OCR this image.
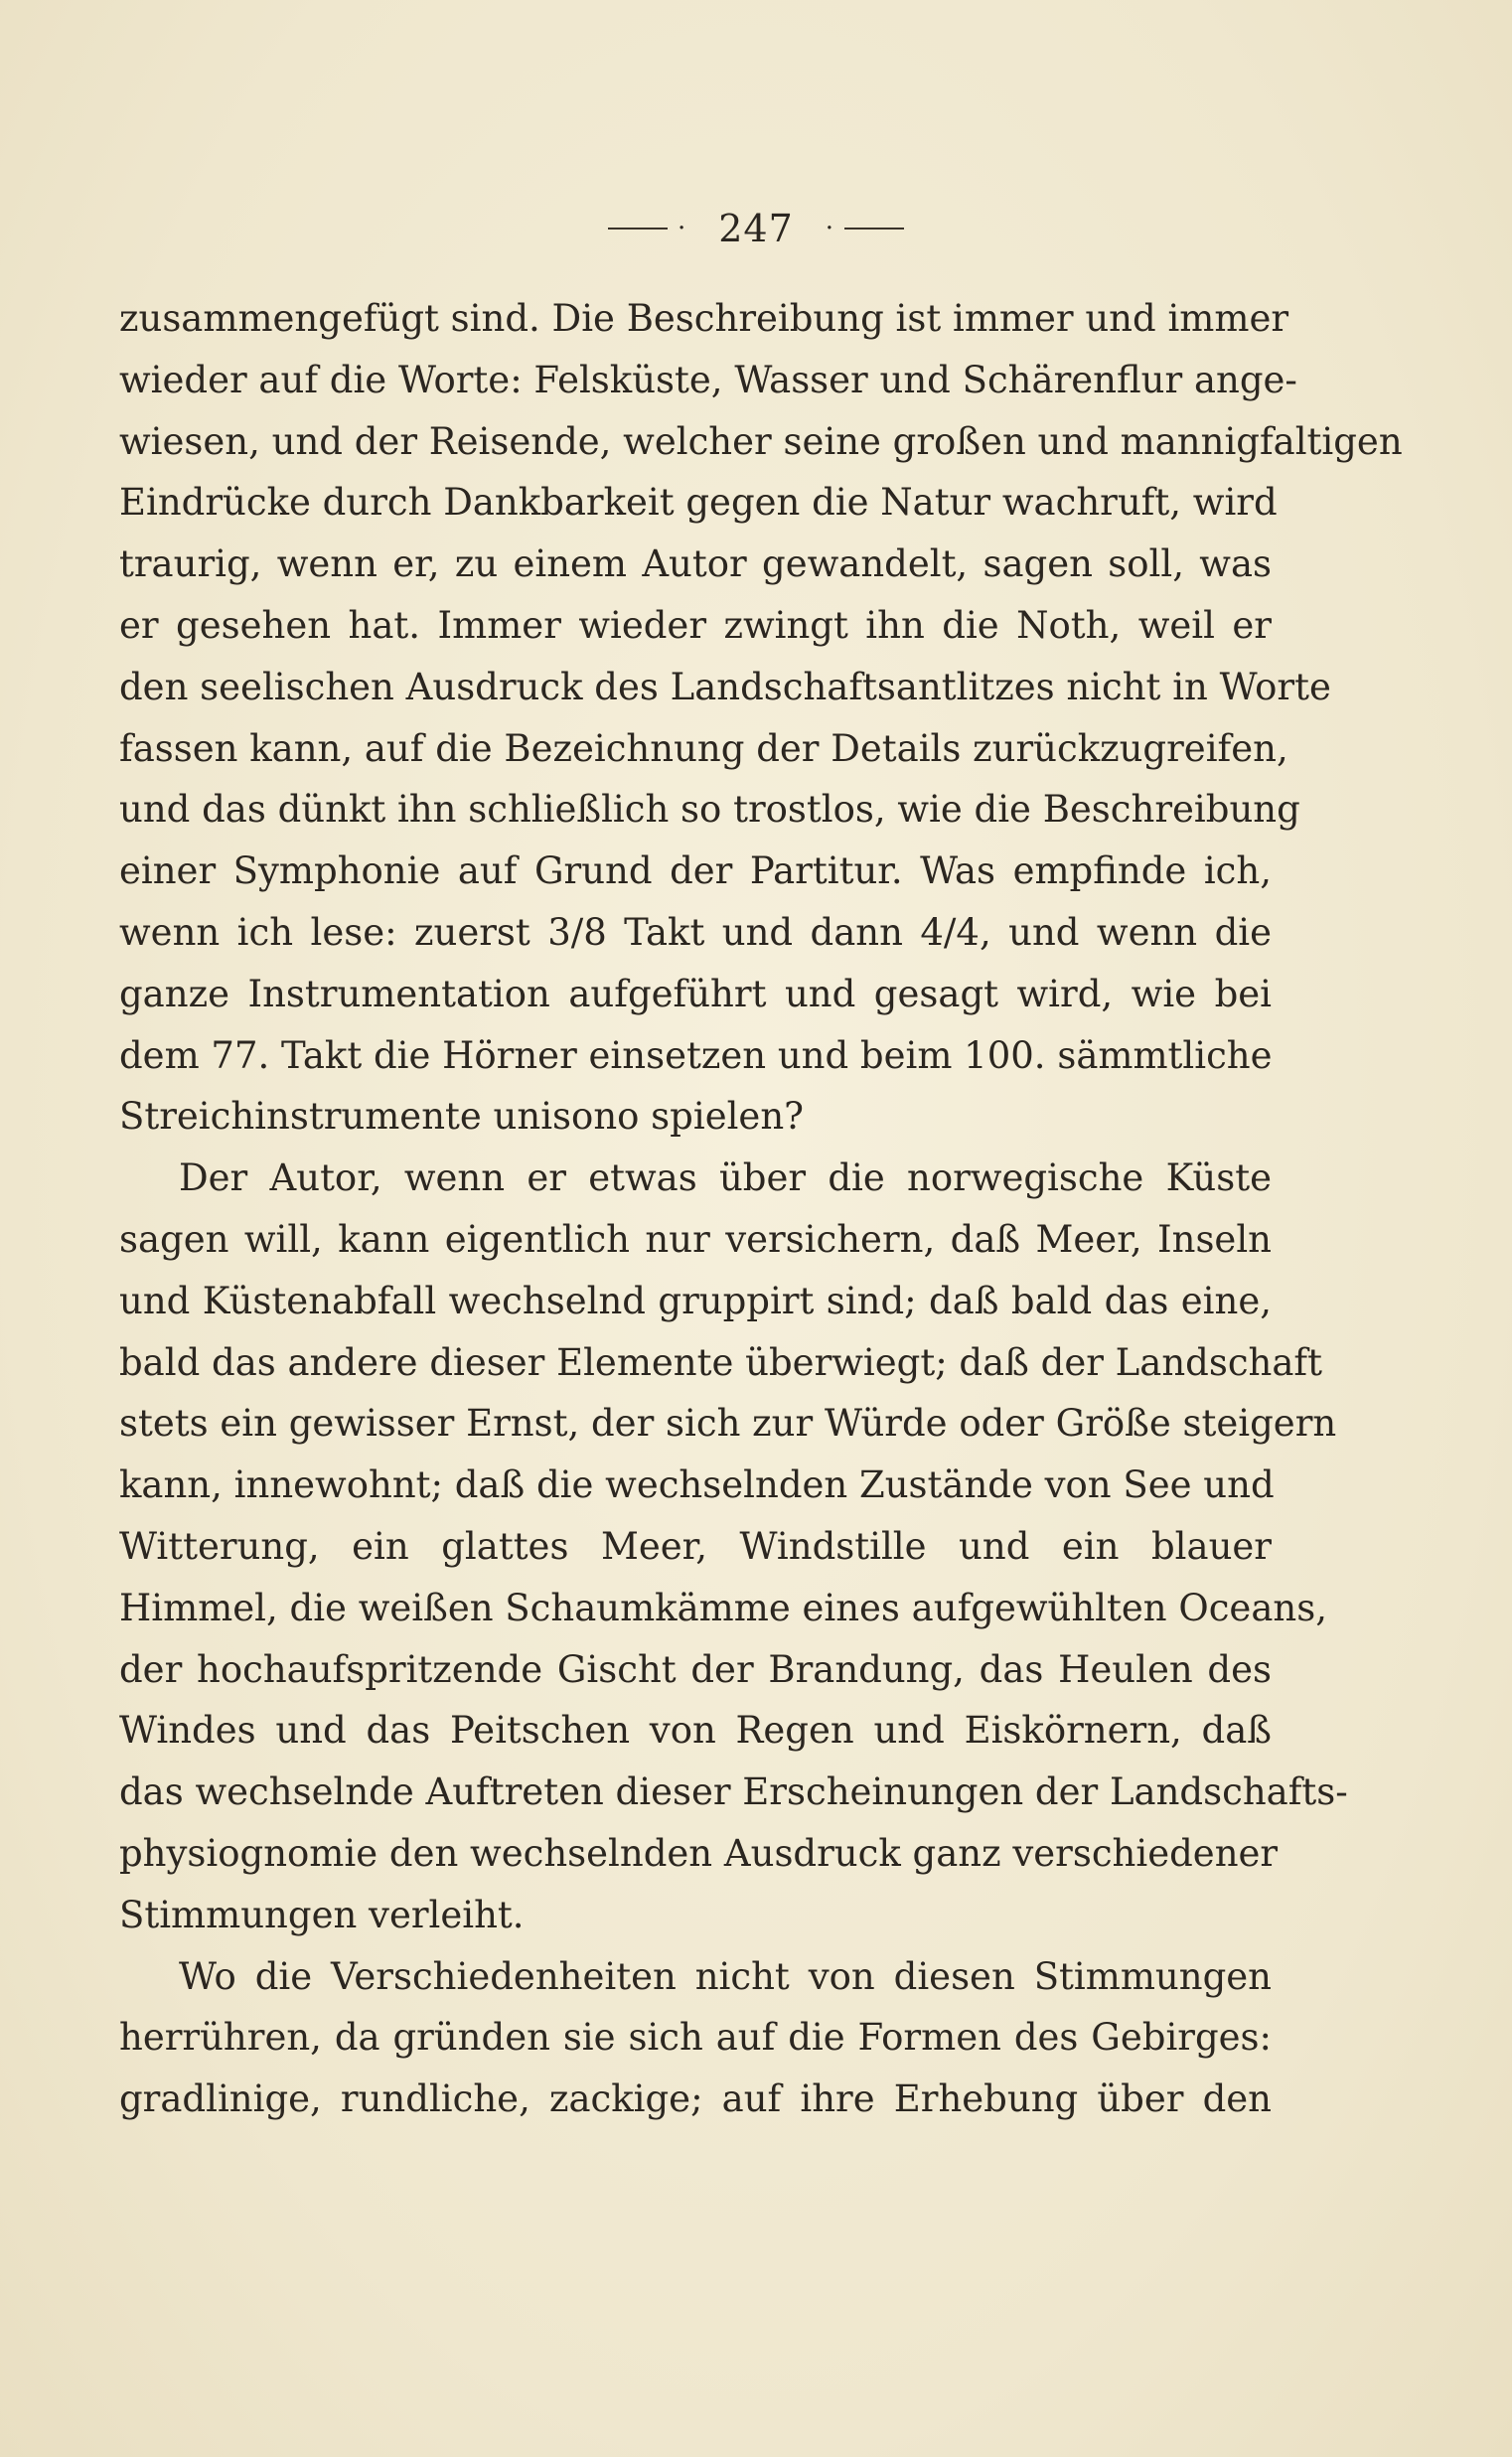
· 247 ·
zusammengefügt sind. Die Beschreibung ist immer und immer
wieder auf die Worte: Felsküste, Wasser und Schärenflur ange-
wiesen, und der Reisende, welcher seine großen und mannigfaltigen
Eindrücke durch Dankbarkeit gegen die Natur wachruft, wird
traurig, wenn er, zu einem Autor gewandelt, sagen soll, was
er gesehen hat. Immer wieder zwingt ihn die Noth, weil er
den seelischen Ausdruck des Landschaftsantlitzes nicht in Worte
fassen kann, auf die Bezeichnung der Details zurückzugreifen,
und das dünkt ihn schließlich so trostlos, wie die Beschreibung
einer Symphonie auf Grund der Partitur. Was empfinde ich,
wenn ich lese: zuerst 3/8 Takt und dann 4/4, und wenn die
ganze Instrumentation aufgeführt und gesagt wird, wie bei
dem 77. Takt die Hörner einsetzen und beim 100. sämmtliche
Streichinstrumente unisono spielen?
Der Autor, wenn er etwas über die norwegische Küste
sagen will, kann eigentlich nur versichern, daß Meer, Inseln
und Küstenabfall wechselnd gruppirt sind; daß bald das eine,
bald das andere dieser Elemente überwiegt; daß der Landschaft
stets ein gewisser Ernst, der sich zur Würde oder Größe steigern
kann, innewohnt; daß die wechselnden Zustände von See und
Witterung, ein glattes Meer, Windstille und ein blauer
Himmel, die weißen Schaumkämme eines aufgewühlten Oceans,
der hochaufspritzende Gischt der Brandung, das Heulen des
Windes und das Peitschen von Regen und Eiskörnern, daß
das wechselnde Auftreten dieser Erscheinungen der Landschafts-
physiognomie den wechselnden Ausdruck ganz verschiedener
Stimmungen verleiht.
Wo die Verschiedenheiten nicht von diesen Stimmungen
herrühren, da gründen sie sich auf die Formen des Gebirges:
gradlinige, rundliche, zackige; auf ihre Erhebung über den
